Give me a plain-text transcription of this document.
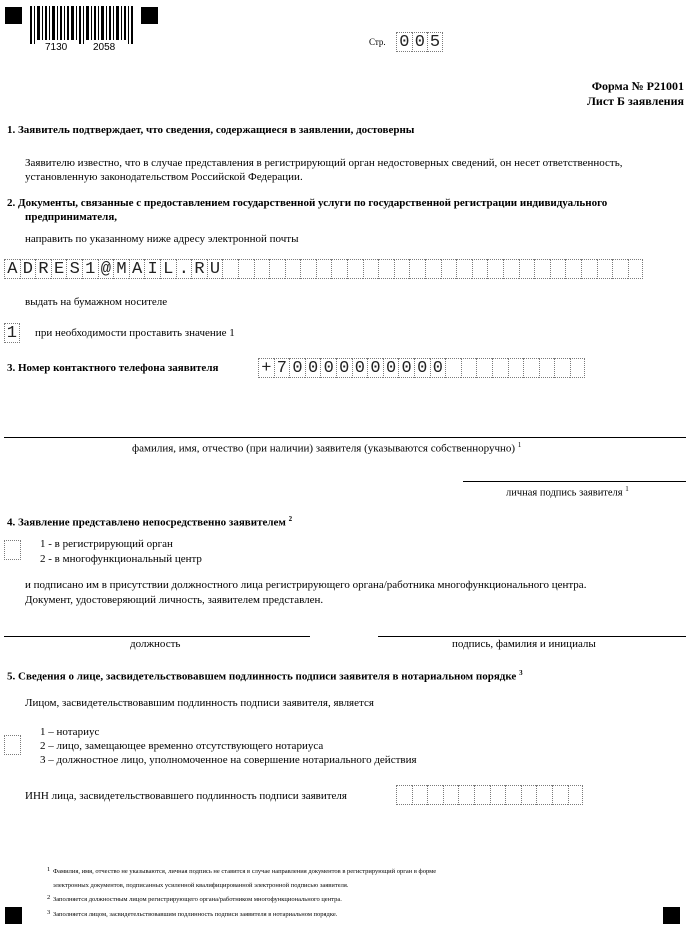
7130	2058	Стр. 0 0 5
Форма № Р21001
Лист Б заявления
1. Заявитель подтверждает, что сведения, содержащиеся в заявлении, достоверны
Заявителю известно, что в случае представления в регистрирующий орган недостоверных сведений, он несет ответственность,
установленную законодательством Российской Федерации.
2. Документы, связанные с предоставлением государственной услуги по государственной регистрации индивидуального
предпринимателя,
направить по указанному ниже адресу электронной почты
A D R E S 1 @ M A I L . R U
выдать на бумажном носителе
1 при необходимости проставить значение 1
3. Номер контактного телефона заявителя	+ 7 0 0 0 0 0 0 0 0 0 0
фамилия, имя, отчество (при наличии) заявителя (указываются собственноручно) $^1$
личная подпись заявителя $^1$
4. Заявление представлено непосредственно заявителем $^2$
1 - в регистрирующий орган
2 - в многофункциональный центр
и подписано им в присутствии должностного лица регистрирующего органа/работника многофункционального центра.
Документ, удостоверяющий личность, заявителем представлен.
должность	подпись, фамилия и инициалы
5. Сведения о лице, засвидетельствовавшем подлинность подписи заявителя в нотариальном порядке $^3$
Лицом, засвидетельствовавшим подлинность подписи заявителя, является
1 – нотариус
2 – лицо, замещающее временно отсутствующего нотариуса
3 – должностное лицо, уполномоченное на совершение нотариального действия
ИНН лица, засвидетельствовавшего подлинность подписи заявителя
1 Фамилия, имя, отчество не указываются, личная подпись не ставится в случае направления документов в регистрирующий орган в форме
электронных документов, подписанных усиленной квалифицированной электронной подписью заявителя.
2 Заполняется должностным лицом регистрирующего органа/работником многофункционального центра.
3 Заполняется лицом, засвидетельствовавшим подлинность подписи заявителя в нотариальном порядке.
